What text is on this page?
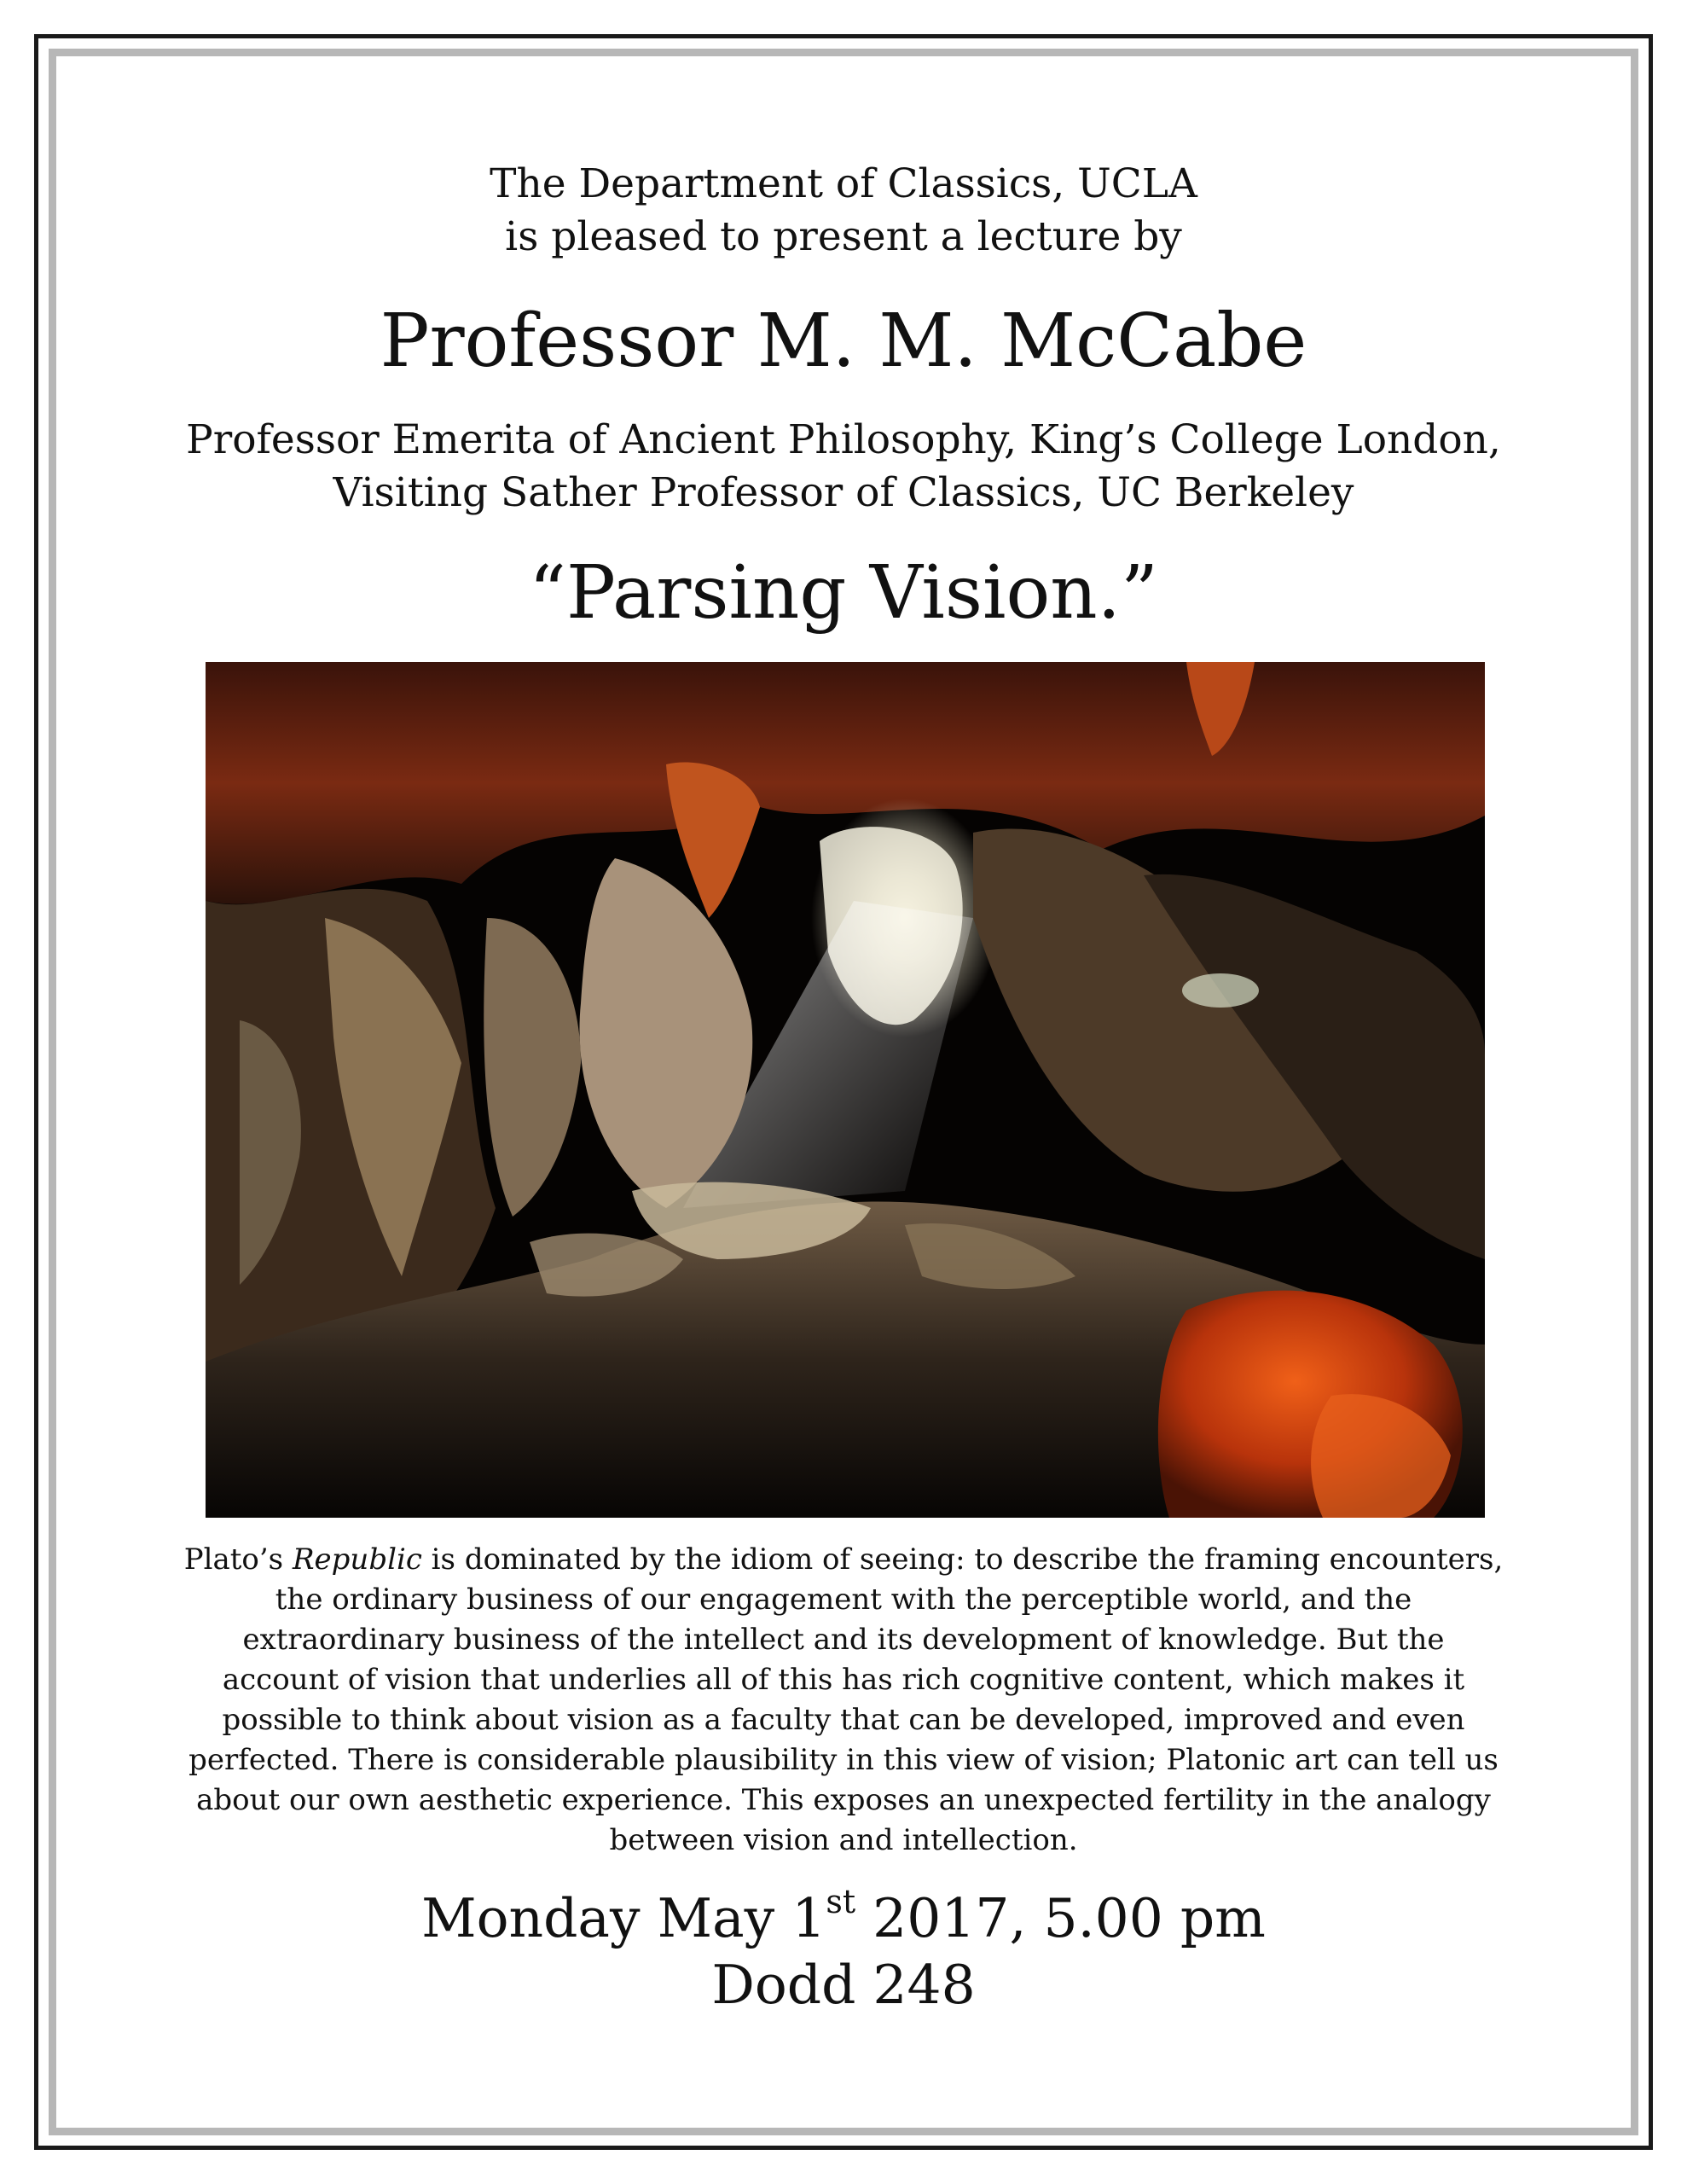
The Department of Classics, UCLA
is pleased to present a lecture by
Professor M. M. McCabe
Professor Emerita of Ancient Philosophy, King’s College London,
Visiting Sather Professor of Classics, UC Berkeley
“Parsing Vision.”
Plato’s Republic is dominated by the idiom of seeing: to describe the framing encounters,
the ordinary business of our engagement with the perceptible world, and the
extraordinary business of the intellect and its development of knowledge. But the
account of vision that underlies all of this has rich cognitive content, which makes it
possible to think about vision as a faculty that can be developed, improved and even
perfected. There is considerable plausibility in this view of vision; Platonic art can tell us
about our own aesthetic experience. This exposes an unexpected fertility in the analogy
between vision and intellection.
Monday May 1st 2017, 5.00 pm
Dodd 248
